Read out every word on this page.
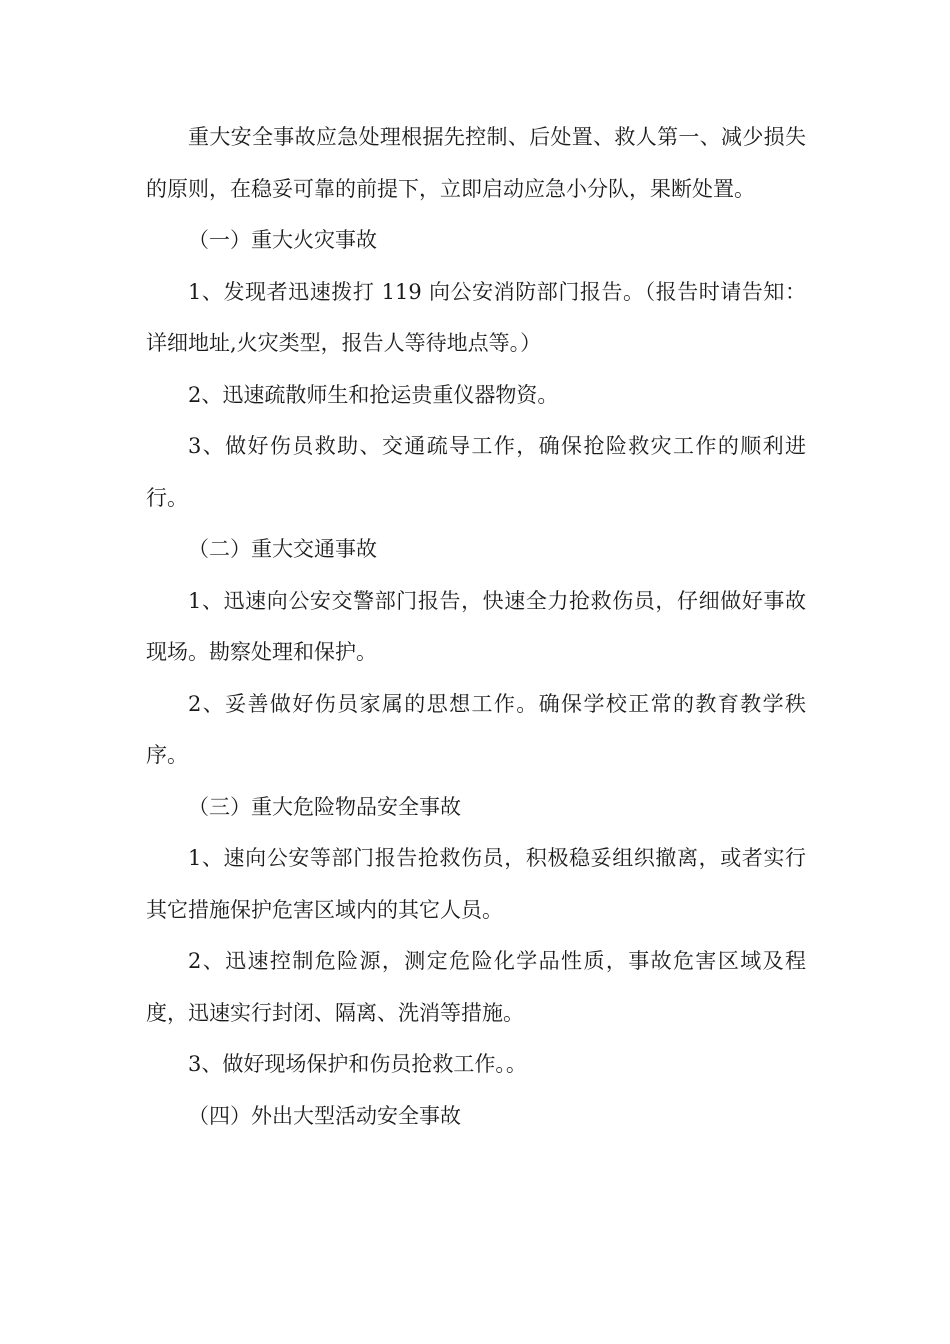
重大安全事故应急处理根据先控制、后处置、救人第一、减少损失的原则，在稳妥可靠的前提下，立即启动应急小分队，果断处置。

（一）重大火灾事故

1、发现者迅速拨打 119 向公安消防部门报告。（报告时请告知：详细地址,火灾类型，报告人等待地点等。）

2、迅速疏散师生和抢运贵重仪器物资。

3、做好伤员救助、交通疏导工作，确保抢险救灾工作的顺利进行。

（二）重大交通事故

1、迅速向公安交警部门报告，快速全力抢救伤员，仔细做好事故现场。勘察处理和保护。

2、妥善做好伤员家属的思想工作。确保学校正常的教育教学秩序。

（三）重大危险物品安全事故

1、速向公安等部门报告抢救伤员，积极稳妥组织撤离，或者实行其它措施保护危害区域内的其它人员。

2、迅速控制危险源，测定危险化学品性质，事故危害区域及程度，迅速实行封闭、隔离、洗消等措施。

3、做好现场保护和伤员抢救工作。。

（四）外出大型活动安全事故
